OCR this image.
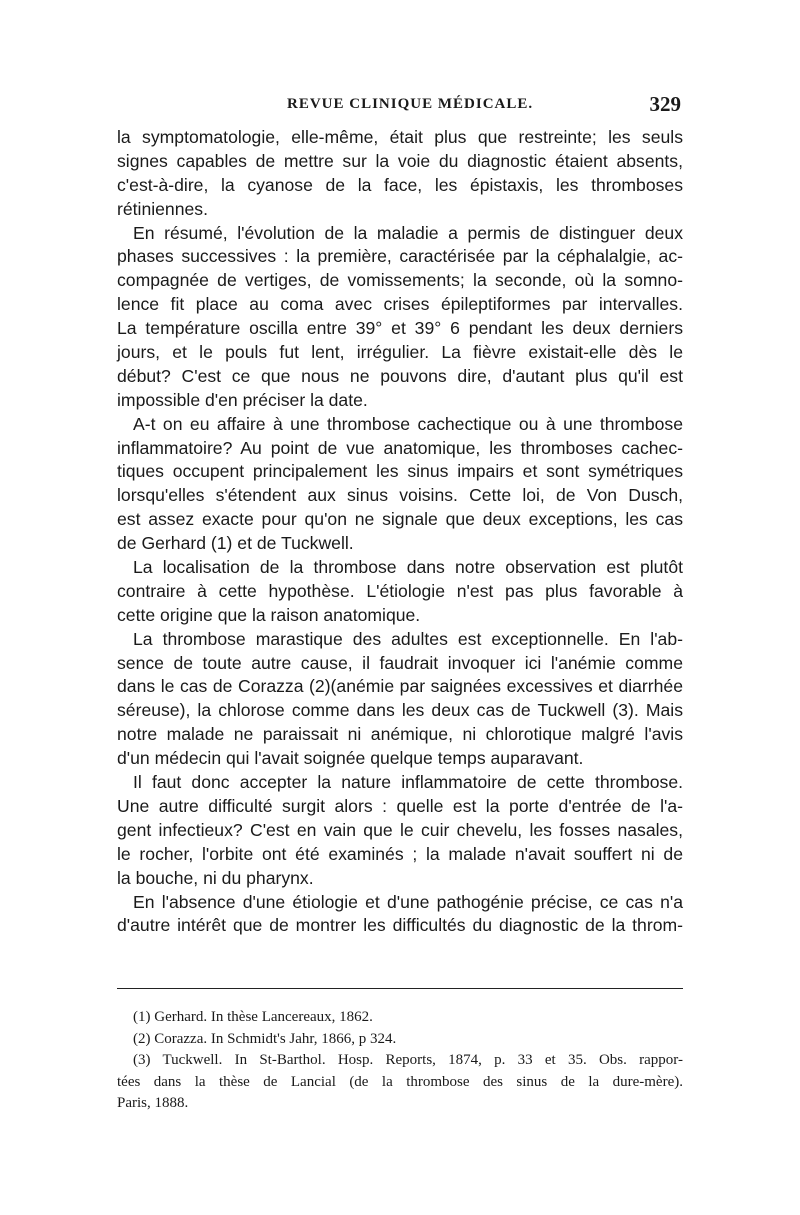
REVUE CLINIQUE MÉDICALE.	329
la symptomatologie, elle-même, était plus que restreinte; les seuls
signes capables de mettre sur la voie du diagnostic étaient absents,
c'est-à-dire, la cyanose de la face, les épistaxis, les thromboses
rétiniennes.
En résumé, l'évolution de la maladie a permis de distinguer deux
phases successives : la première, caractérisée par la céphalalgie, ac-
compagnée de vertiges, de vomissements; la seconde, où la somno-
lence fit place au coma avec crises épileptiformes par intervalles.
La température oscilla entre 39° et 39° 6 pendant les deux derniers
jours, et le pouls fut lent, irrégulier. La fièvre existait-elle dès le
début? C'est ce que nous ne pouvons dire, d'autant plus qu'il est
impossible d'en préciser la date.
A-t on eu affaire à une thrombose cachectique ou à une thrombose
inflammatoire? Au point de vue anatomique, les thromboses cachec-
tiques occupent principalement les sinus impairs et sont symétriques
lorsqu'elles s'étendent aux sinus voisins. Cette loi, de Von Dusch,
est assez exacte pour qu'on ne signale que deux exceptions, les cas
de Gerhard (1) et de Tuckwell.
La localisation de la thrombose dans notre observation est plutôt
contraire à cette hypothèse. L'étiologie n'est pas plus favorable à
cette origine que la raison anatomique.
La thrombose marastique des adultes est exceptionnelle. En l'ab-
sence de toute autre cause, il faudrait invoquer ici l'anémie comme
dans le cas de Corazza (2)(anémie par saignées excessives et diarrhée
séreuse), la chlorose comme dans les deux cas de Tuckwell (3). Mais
notre malade ne paraissait ni anémique, ni chlorotique malgré l'avis
d'un médecin qui l'avait soignée quelque temps auparavant.
Il faut donc accepter la nature inflammatoire de cette thrombose.
Une autre difficulté surgit alors : quelle est la porte d'entrée de l'a-
gent infectieux? C'est en vain que le cuir chevelu, les fosses nasales,
le rocher, l'orbite ont été examinés ; la malade n'avait souffert ni de
la bouche, ni du pharynx.
En l'absence d'une étiologie et d'une pathogénie précise, ce cas n'a
d'autre intérêt que de montrer les difficultés du diagnostic de la throm-
(1) Gerhard. In thèse Lancereaux, 1862.
(2) Corazza. In Schmidt's Jahr, 1866, p 324.
(3) Tuckwell. In St-Barthol. Hosp. Reports, 1874, p. 33 et 35. Obs. rappor-
tées dans la thèse de Lancial (de la thrombose des sinus de la dure-mère).
Paris, 1888.
